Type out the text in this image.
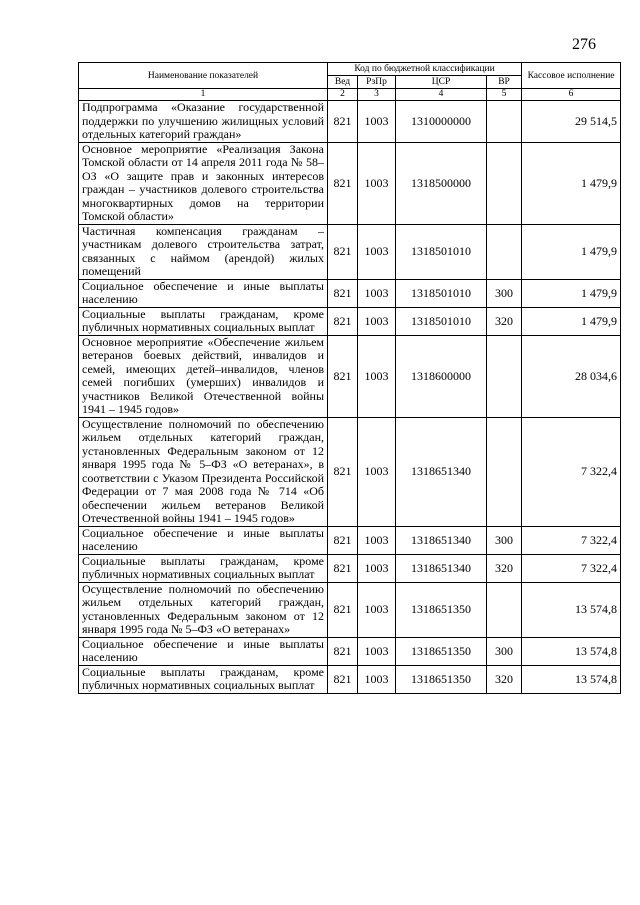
276
Наименование показателей	Код по бюджетной классификации				Кассовое исполнение
	Вед	РзПр	ЦСР	ВР	
1	2	3	4	5	6
Подпрограмма «Оказание государственной поддержки по улучшению жилищных условий отдельных категорий граждан»	821	1003	1310000000		29 514,5
Основное мероприятие «Реализация Закона Томской области от 14 апреля 2011 года № 58–ОЗ «О защите прав и законных интересов граждан – участников долевого строительства многоквартирных домов на территории Томской области»	821	1003	1318500000		1 479,9
Частичная компенсация гражданам – участникам долевого строительства затрат, связанных с наймом (арендой) жилых помещений	821	1003	1318501010		1 479,9
Социальное обеспечение и иные выплаты населению	821	1003	1318501010	300	1 479,9
Социальные выплаты гражданам, кроме публичных нормативных социальных выплат	821	1003	1318501010	320	1 479,9
Основное мероприятие «Обеспечение жильем ветеранов боевых действий, инвалидов и семей, имеющих детей–инвалидов, членов семей погибших (умерших) инвалидов и участников Великой Отечественной войны 1941 – 1945 годов»	821	1003	1318600000		28 034,6
Осуществление полномочий по обеспечению жильем отдельных категорий граждан, установленных Федеральным законом от 12 января 1995 года № 5–ФЗ «О ветеранах», в соответствии с Указом Президента Российской Федерации от 7 мая 2008 года № 714 «Об обеспечении жильем ветеранов Великой Отечественной войны 1941 – 1945 годов»	821	1003	1318651340		7 322,4
Социальное обеспечение и иные выплаты населению	821	1003	1318651340	300	7 322,4
Социальные выплаты гражданам, кроме публичных нормативных социальных выплат	821	1003	1318651340	320	7 322,4
Осуществление полномочий по обеспечению жильем отдельных категорий граждан, установленных Федеральным законом от 12 января 1995 года № 5–ФЗ «О ветеранах»	821	1003	1318651350		13 574,8
Социальное обеспечение и иные выплаты населению	821	1003	1318651350	300	13 574,8
Социальные выплаты гражданам, кроме публичных нормативных социальных выплат	821	1003	1318651350	320	13 574,8
